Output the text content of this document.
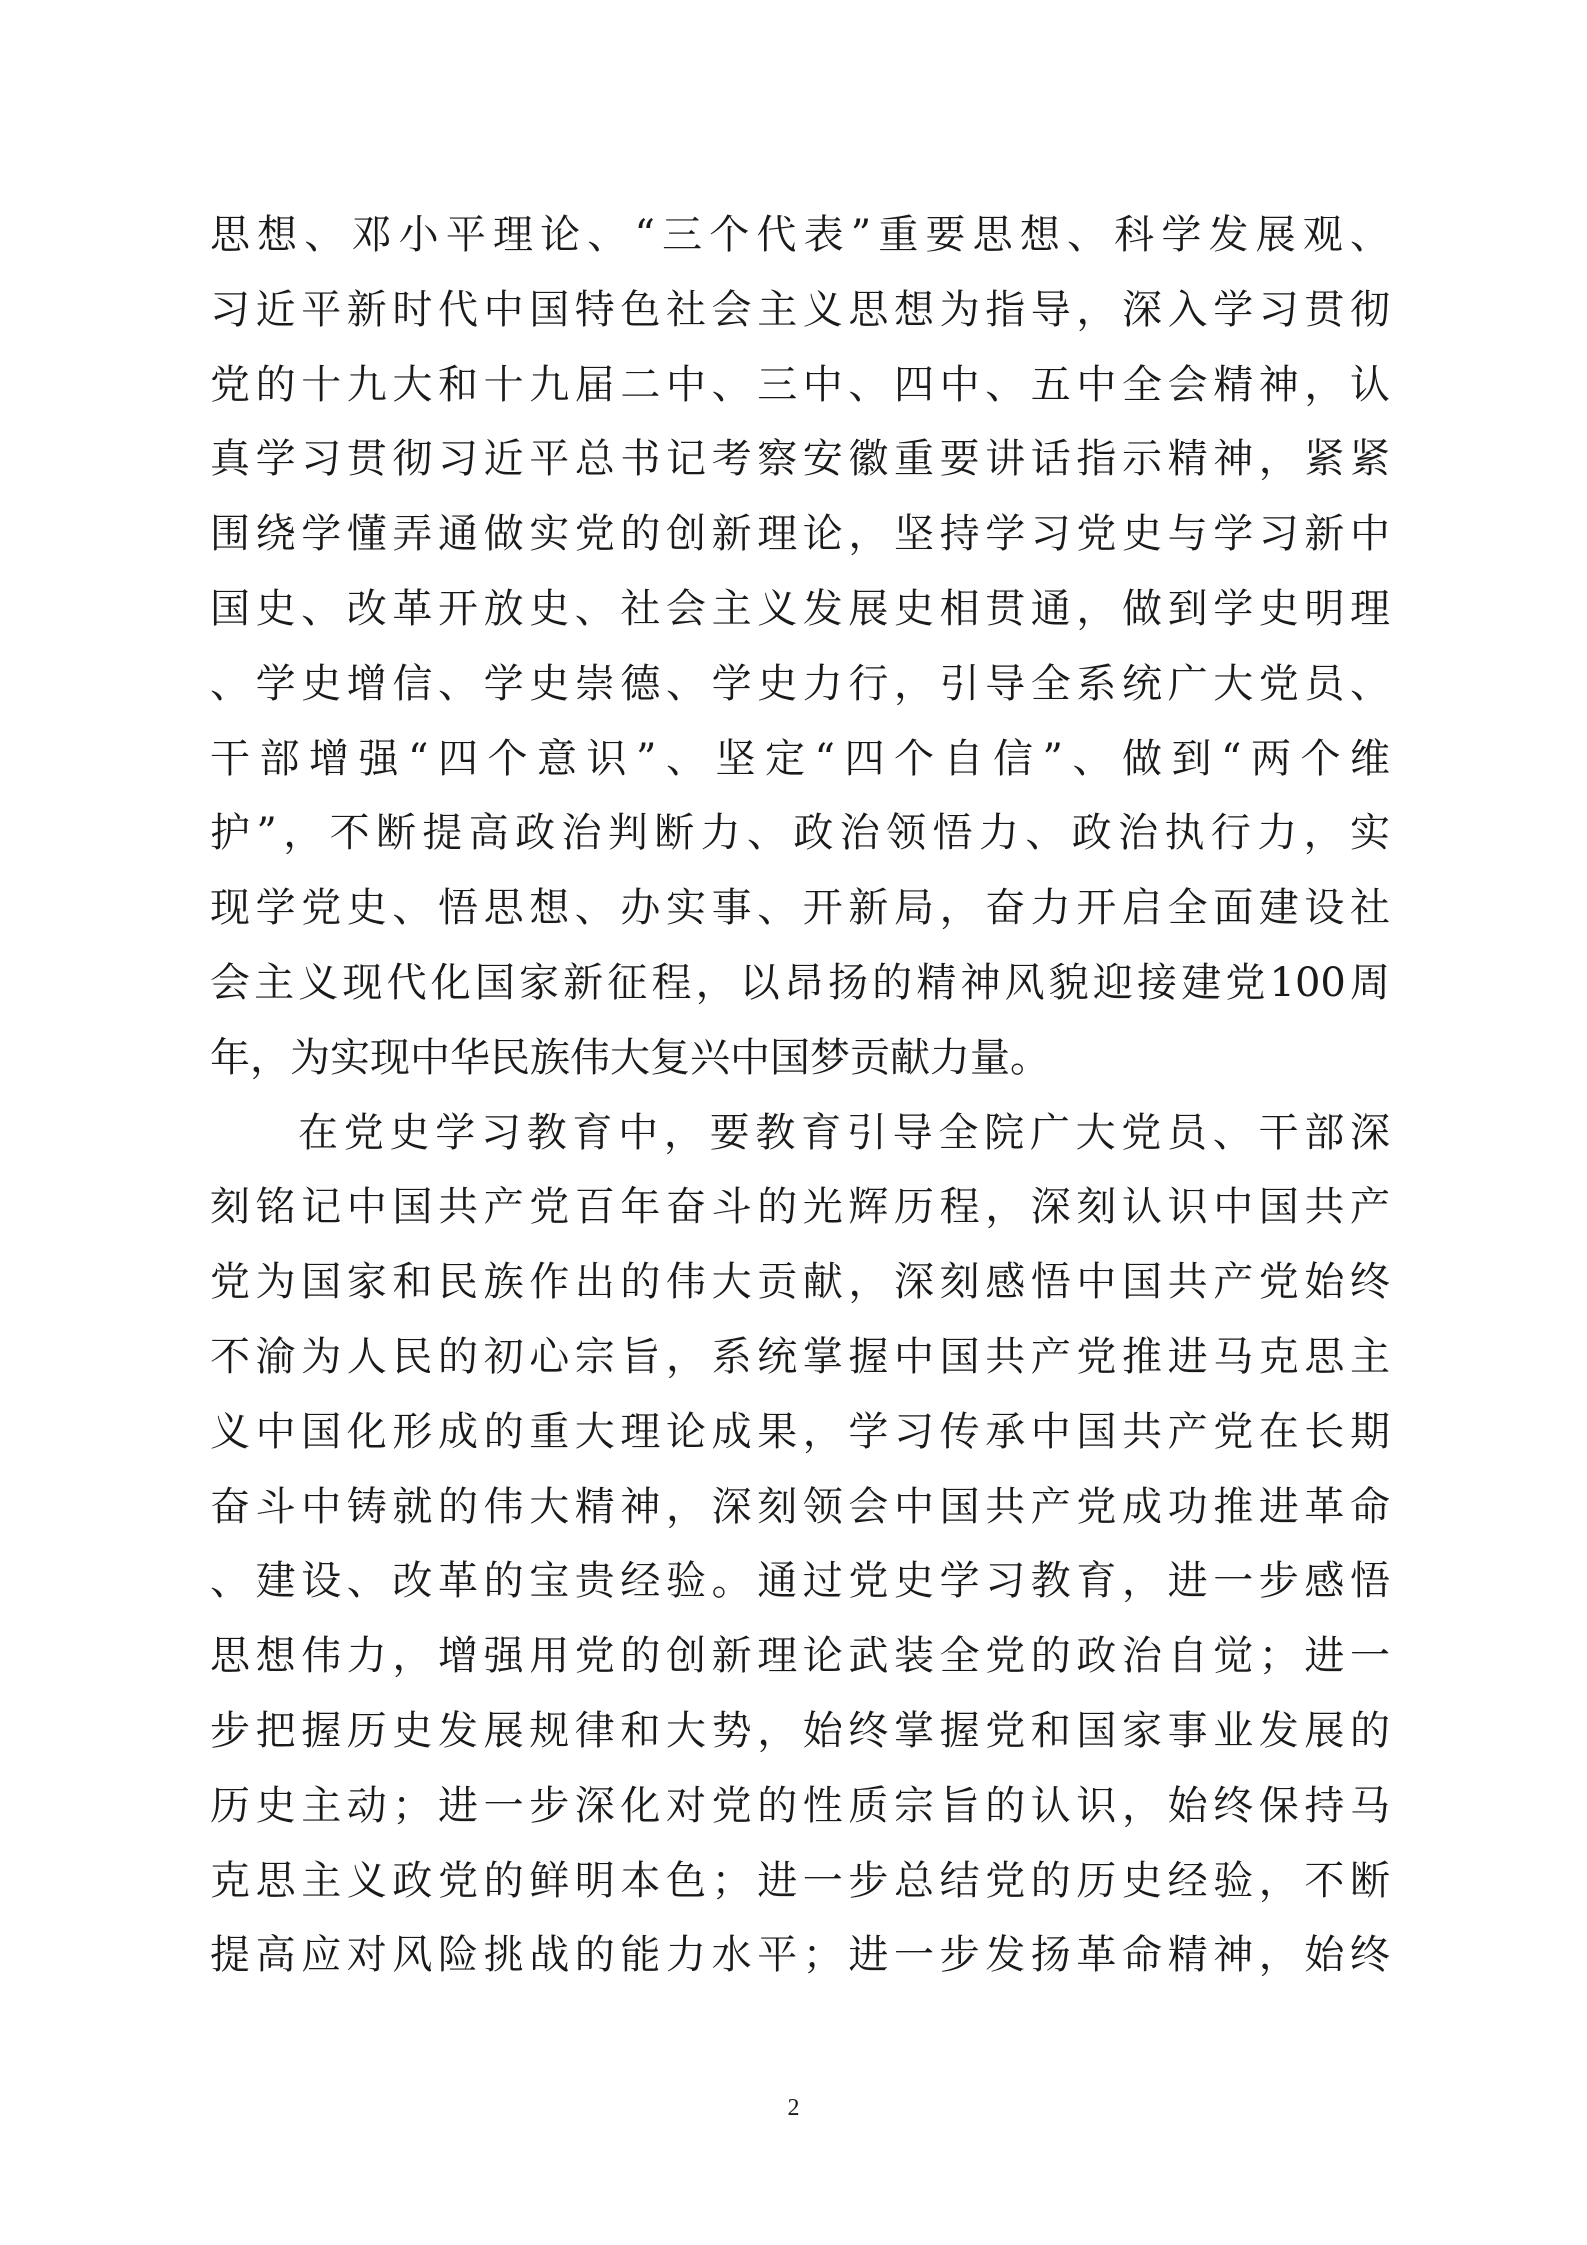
思想、邓小平理论、“三个代表”重要思想、科学发展观、
习近平新时代中国特色社会主义思想为指导，深入学习贯彻
党的十九大和十九届二中、三中、四中、五中全会精神，认
真学习贯彻习近平总书记考察安徽重要讲话指示精神，紧紧
围绕学懂弄通做实党的创新理论，坚持学习党史与学习新中
国史、改革开放史、社会主义发展史相贯通，做到学史明理
、学史增信、学史崇德、学史力行，引导全系统广大党员、
干部增强“四个意识”、坚定“四个自信”、做到“两个维
护”，不断提高政治判断力、政治领悟力、政治执行力，实
现学党史、悟思想、办实事、开新局，奋力开启全面建设社
会主义现代化国家新征程，以昂扬的精神风貌迎接建党100周
年，为实现中华民族伟大复兴中国梦贡献力量。
在党史学习教育中，要教育引导全院广大党员、干部深
刻铭记中国共产党百年奋斗的光辉历程，深刻认识中国共产
党为国家和民族作出的伟大贡献，深刻感悟中国共产党始终
不渝为人民的初心宗旨，系统掌握中国共产党推进马克思主
义中国化形成的重大理论成果，学习传承中国共产党在长期
奋斗中铸就的伟大精神，深刻领会中国共产党成功推进革命
、建设、改革的宝贵经验。通过党史学习教育，进一步感悟
思想伟力，增强用党的创新理论武装全党的政治自觉；进一
步把握历史发展规律和大势，始终掌握党和国家事业发展的
历史主动；进一步深化对党的性质宗旨的认识，始终保持马
克思主义政党的鲜明本色；进一步总结党的历史经验，不断
提高应对风险挑战的能力水平；进一步发扬革命精神，始终
2
